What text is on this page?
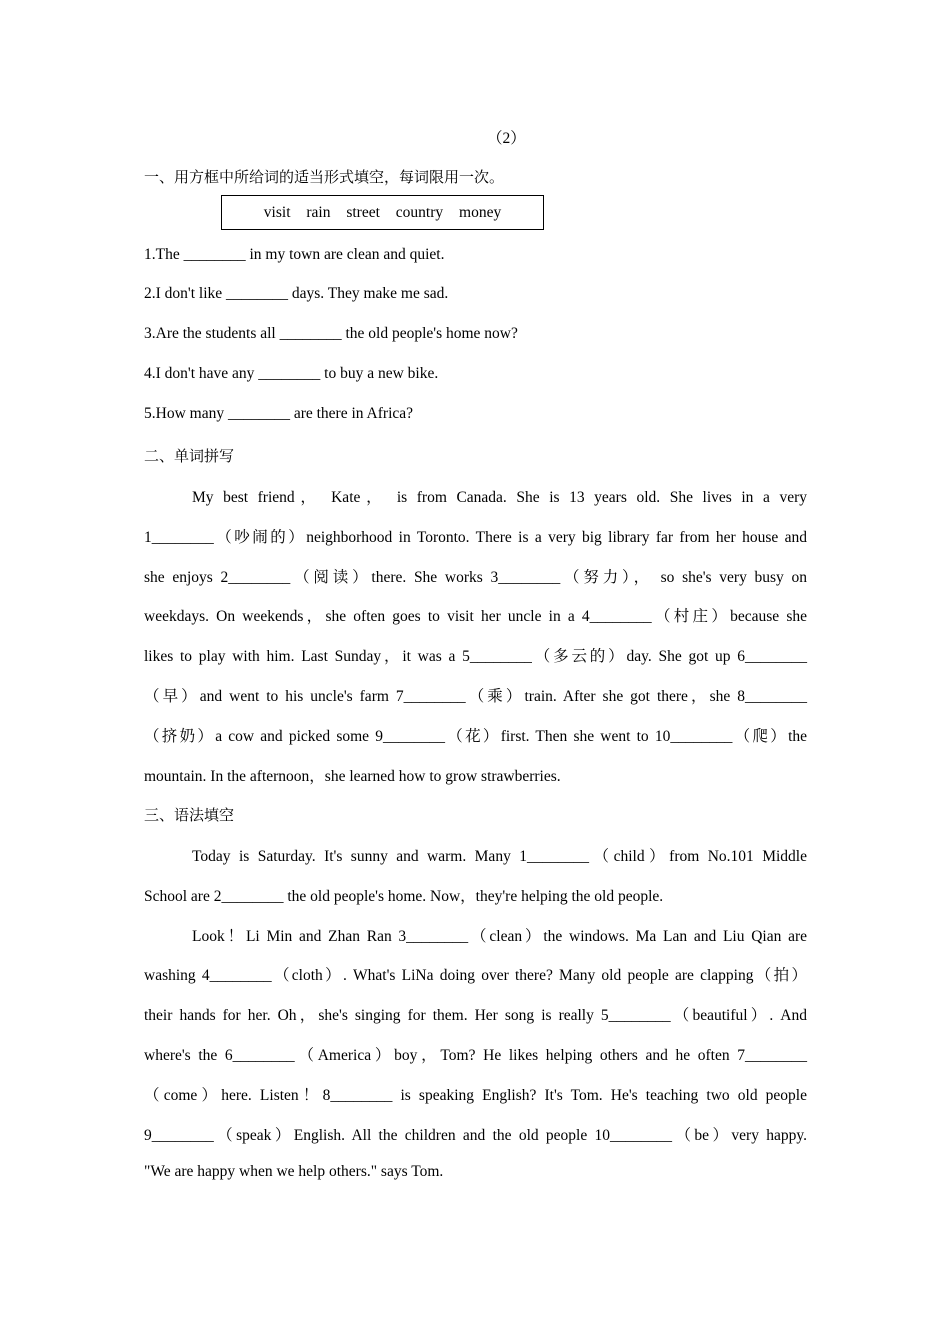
（2）
一、用方框中所给词的适当形式填空，每词限用一次。
visit rain street country money
1.The ________ in my town are clean and quiet.
2.I don't like ________ days. They make me sad.
3.Are the students all ________ the old people's home now?
4.I don't have any ________ to buy a new bike.
5.How many ________ are there in Africa?
二、单词拼写
My best friend， Kate， is from Canada. She is 13 years old. She lives in a very
1________（吵闹的）neighborhood in Toronto. There is a very big library far from her house and
she enjoys 2________（阅读）there. She works 3________（努力）， so she's very busy on
weekdays. On weekends，she often goes to visit her uncle in a 4________（村庄）because she
likes to play with him. Last Sunday，it was a 5________（多云的）day. She got up 6________
（早）and went to his uncle's farm 7________（乘）train. After she got there，she 8________
（挤奶）a cow and picked some 9________（花）first. Then she went to 10________（爬）the
mountain. In the afternoon，she learned how to grow strawberries.
三、语法填空
Today is Saturday. It's sunny and warm. Many 1________（child）from No.101 Middle
School are 2________ the old people's home. Now，they're helping the old people.
Look！Li Min and Zhan Ran 3________（clean）the windows. Ma Lan and Liu Qian are
washing 4________（cloth）. What's LiNa doing over there? Many old people are clapping（拍）
their hands for her. Oh，she's singing for them. Her song is really 5________（beautiful）. And
where's the 6________（America）boy，Tom? He likes helping others and he often 7________
（come）here. Listen！8________ is speaking English? It's Tom. He's teaching two old people
9________（speak）English. All the children and the old people 10________（be）very happy.
"We are happy when we help others." says Tom.
